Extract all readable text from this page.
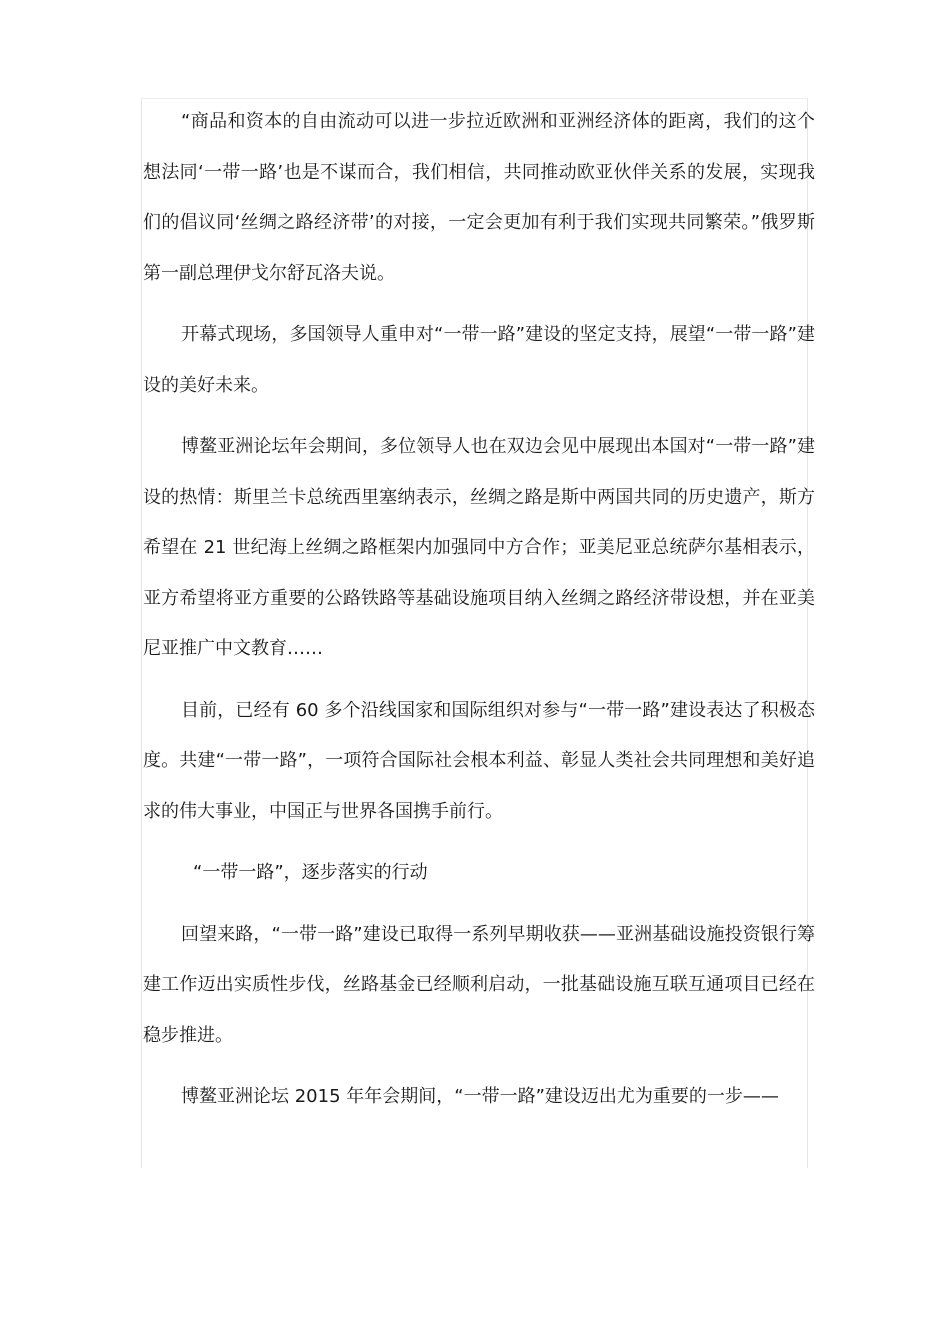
“商品和资本的自由流动可以进一步拉近欧洲和亚洲经济体的距离，我们的这个想法同‘一带一路’也是不谋而合，我们相信，共同推动欧亚伙伴关系的发展，实现我们的倡议同‘丝绸之路经济带’的对接，一定会更加有利于我们实现共同繁荣。”俄罗斯第一副总理伊戈尔舒瓦洛夫说。

开幕式现场，多国领导人重申对“一带一路”建设的坚定支持，展望“一带一路”建设的美好未来。

博鳌亚洲论坛年会期间，多位领导人也在双边会见中展现出本国对“一带一路”建设的热情：斯里兰卡总统西里塞纳表示，丝绸之路是斯中两国共同的历史遗产，斯方希望在 21 世纪海上丝绸之路框架内加强同中方合作；亚美尼亚总统萨尔基相表示，亚方希望将亚方重要的公路铁路等基础设施项目纳入丝绸之路经济带设想，并在亚美尼亚推广中文教育……

目前，已经有 60 多个沿线国家和国际组织对参与“一带一路”建设表达了积极态度。共建“一带一路”，一项符合国际社会根本利益、彰显人类社会共同理想和美好追求的伟大事业，中国正与世界各国携手前行。

“一带一路”，逐步落实的行动

回望来路，“一带一路”建设已取得一系列早期收获——亚洲基础设施投资银行筹建工作迈出实质性步伐，丝路基金已经顺利启动，一批基础设施互联互通项目已经在稳步推进。

博鳌亚洲论坛 2015 年年会期间，“一带一路”建设迈出尤为重要的一步——
